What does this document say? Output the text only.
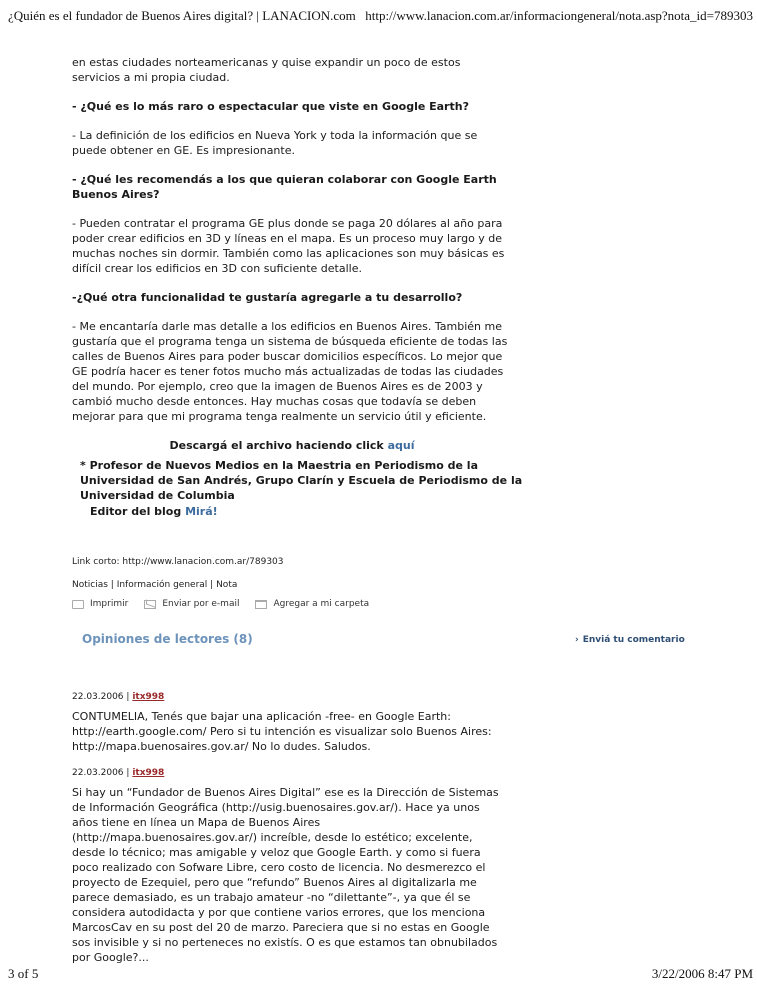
¿Quién es el fundador de Buenos Aires digital? | LANACION.com http://www.lanacion.com.ar/informaciongeneral/nota.asp?nota_id=789303

en estas ciudades norteamericanas y quise expandir un poco de estos servicios a mi propia ciudad.

- ¿Qué es lo más raro o espectacular que viste en Google Earth?

- La definición de los edificios en Nueva York y toda la información que se puede obtener en GE. Es impresionante.

- ¿Qué les recomendás a los que quieran colaborar con Google Earth Buenos Aires?

- Pueden contratar el programa GE plus donde se paga 20 dólares al año para poder crear edificios en 3D y líneas en el mapa. Es un proceso muy largo y de muchas noches sin dormir. También como las aplicaciones son muy básicas es difícil crear los edificios en 3D con suficiente detalle.

-¿Qué otra funcionalidad te gustaría agregarle a tu desarrollo?

- Me encantaría darle mas detalle a los edificios en Buenos Aires. También me gustaría que el programa tenga un sistema de búsqueda eficiente de todas las calles de Buenos Aires para poder buscar domicilios específicos. Lo mejor que GE podría hacer es tener fotos mucho más actualizadas de todas las ciudades del mundo. Por ejemplo, creo que la imagen de Buenos Aires es de 2003 y cambió mucho desde entonces. Hay muchas cosas que todavía se deben mejorar para que mi programa tenga realmente un servicio útil y eficiente.

Descargá el archivo haciendo click aquí
* Profesor de Nuevos Medios en la Maestria en Periodismo de la Universidad de San Andrés, Grupo Clarín y Escuela de Periodismo de la Universidad de Columbia
Editor del blog Mirá!
Link corto: http://www.lanacion.com.ar/789303
Noticias | Información general | Nota
Imprimir	Enviar por e-mail	Agregar a mi carpeta
Opiniones de lectores (8)	› Enviá tu comentario
22.03.2006 | itx998
CONTUMELIA, Tenés que bajar una aplicación -free- en Google Earth: http://earth.google.com/ Pero si tu intención es visualizar solo Buenos Aires: http://mapa.buenosaires.gov.ar/ No lo dudes. Saludos.
22.03.2006 | itx998
Si hay un “Fundador de Buenos Aires Digital” ese es la Dirección de Sistemas de Información Geográfica (http://usig.buenosaires.gov.ar/). Hace ya unos años tiene en línea un Mapa de Buenos Aires (http://mapa.buenosaires.gov.ar/) increíble, desde lo estético; excelente, desde lo técnico; mas amigable y veloz que Google Earth. y como si fuera poco realizado con Sofware Libre, cero costo de licencia. No desmerezco el proyecto de Ezequiel, pero que “refundo” Buenos Aires al digitalizarla me parece demasiado, es un trabajo amateur -no “dilettante”-, ya que él se considera autodidacta y por que contiene varios errores, que los menciona MarcosCav en su post del 20 de marzo. Pareciera que si no estas en Google sos invisible y si no perteneces no existís. O es que estamos tan obnubilados por Google?...
3 of 5	3/22/2006 8:47 PM
